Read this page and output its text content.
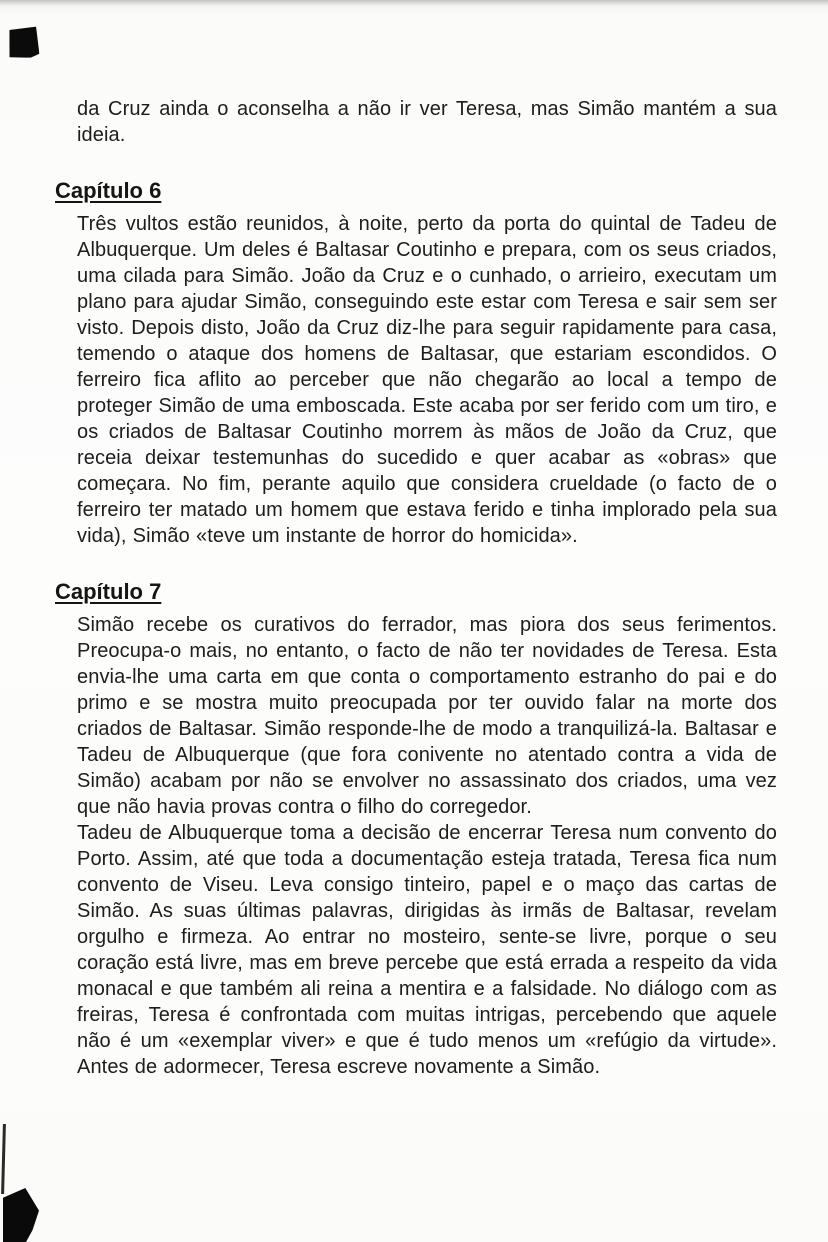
da Cruz ainda o aconselha a não ir ver Teresa, mas Simão mantém a sua ideia.

Capítulo 6

Três vultos estão reunidos, à noite, perto da porta do quintal de Tadeu de Albuquerque. Um deles é Baltasar Coutinho e prepara, com os seus criados, uma cilada para Simão. João da Cruz e o cunhado, o arrieiro, executam um plano para ajudar Simão, conseguindo este estar com Teresa e sair sem ser visto. Depois disto, João da Cruz diz-lhe para seguir rapidamente para casa, temendo o ataque dos homens de Baltasar, que estariam escondidos. O ferreiro fica aflito ao perceber que não chegarão ao local a tempo de proteger Simão de uma emboscada. Este acaba por ser ferido com um tiro, e os criados de Baltasar Coutinho morrem às mãos de João da Cruz, que receia deixar testemunhas do sucedido e quer acabar as «obras» que começara. No fim, perante aquilo que considera crueldade (o facto de o ferreiro ter matado um homem que estava ferido e tinha implorado pela sua vida), Simão «teve um instante de horror do homicida».

Capítulo 7

Simão recebe os curativos do ferrador, mas piora dos seus ferimentos. Preocupa-o mais, no entanto, o facto de não ter novidades de Teresa. Esta envia-lhe uma carta em que conta o comportamento estranho do pai e do primo e se mostra muito preocupada por ter ouvido falar na morte dos criados de Baltasar. Simão responde-lhe de modo a tranquilizá-la. Baltasar e Tadeu de Albuquerque (que fora conivente no atentado contra a vida de Simão) acabam por não se envolver no assassinato dos criados, uma vez que não havia provas contra o filho do corregedor.

Tadeu de Albuquerque toma a decisão de encerrar Teresa num convento do Porto. Assim, até que toda a documentação esteja tratada, Teresa fica num convento de Viseu. Leva consigo tinteiro, papel e o maço das cartas de Simão. As suas últimas palavras, dirigidas às irmãs de Baltasar, revelam orgulho e firmeza. Ao entrar no mosteiro, sente-se livre, porque o seu coração está livre, mas em breve percebe que está errada a respeito da vida monacal e que também ali reina a mentira e a falsidade. No diálogo com as freiras, Teresa é confrontada com muitas intrigas, percebendo que aquele não é um «exemplar viver» e que é tudo menos um «refúgio da virtude». Antes de adormecer, Teresa escreve novamente a Simão.
